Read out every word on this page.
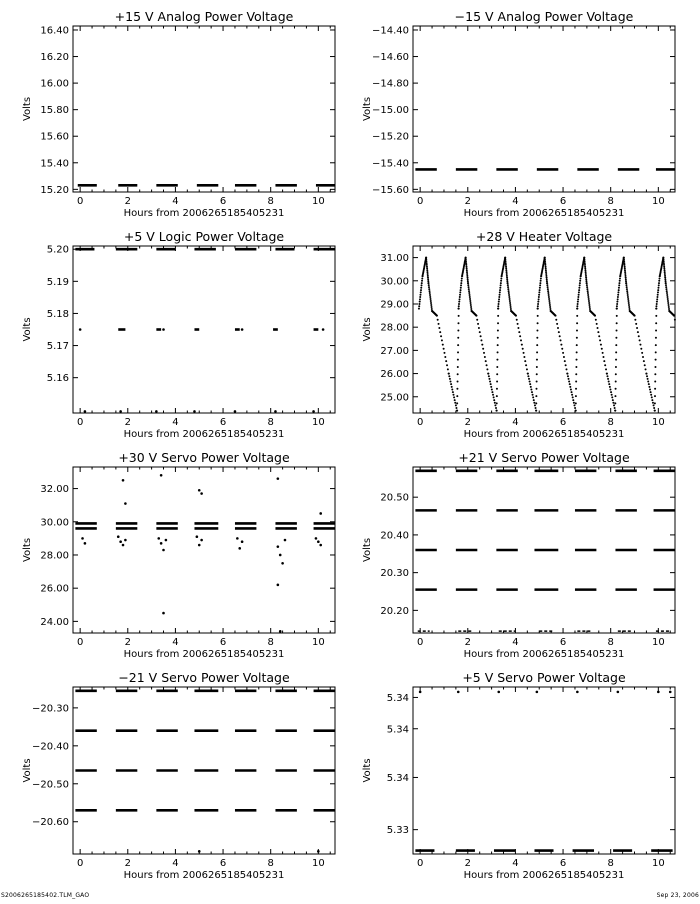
+15 V Analog Power Voltage
0	2	4	6	8	10
15.20
15.40
15.60
15.80
16.00
16.20
16.40
Hours from 2006265185405231
Volts
−15 V Analog Power Voltage
0	2	4	6	8	10
−15.60
−15.40
−15.20
−15.00
−14.80
−14.60
−14.40
Hours from 2006265185405231
Volts
+5 V Logic Power Voltage
0	2	4	6	8	10
5.16
5.17
5.18
5.19
5.20
Hours from 2006265185405231
Volts
+28 V Heater Voltage
0	2	4	6	8	10
25.00
26.00
27.00
28.00
29.00
30.00
31.00
Hours from 2006265185405231
Volts
+30 V Servo Power Voltage
0	2	4	6	8	10
24.00
26.00
28.00
30.00
32.00
Hours from 2006265185405231
Volts
+21 V Servo Power Voltage
0	2	4	6	8	10
20.20
20.30
20.40
20.50
Hours from 2006265185405231
Volts
−21 V Servo Power Voltage
0	2	4	6	8	10
−20.60
−20.50
−20.40
−20.30
Hours from 2006265185405231
Volts
+5 V Servo Power Voltage
0	2	4	6	8	10
5.33
5.34
5.34
5.34
Hours from 2006265185405231
Volts
S2006265185402.TLM_GAO	Sep 23, 2006
